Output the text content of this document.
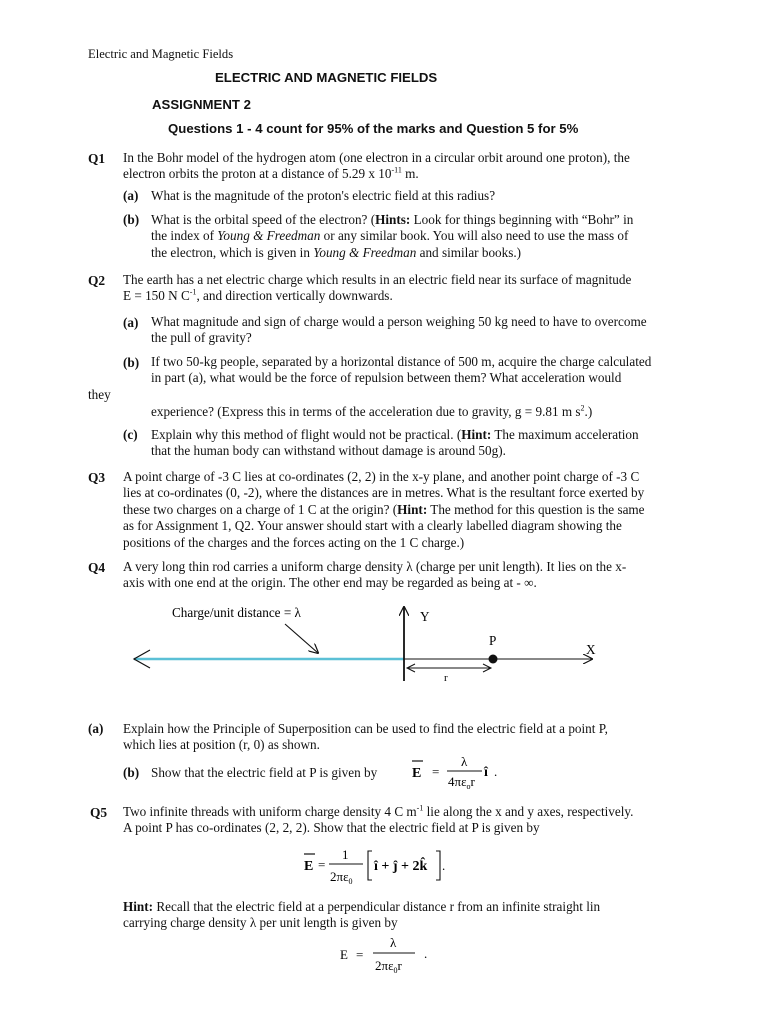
Electric and Magnetic Fields
ELECTRIC AND MAGNETIC FIELDS
ASSIGNMENT 2
Questions 1 - 4 count for 95% of the marks and Question 5 for 5%
Q1 In the Bohr model of the hydrogen atom (one electron in a circular orbit around one proton), the
electron orbits the proton at a distance of 5.29 x $10^{-11}$ m.
(a) What is the magnitude of the proton's electric field at this radius?
(b) What is the orbital speed of the electron? (Hints: Look for things beginning with “Bohr” in
the index of Young & Freedman or any similar book. You will also need to use the mass of
the electron, which is given in Young & Freedman and similar books.)
Q2 The earth has a net electric charge which results in an electric field near its surface of magnitude
E = 150 N $C^{-1}$, and direction vertically downwards.
(a) What magnitude and sign of charge would a person weighing 50 kg need to have to overcome
the pull of gravity?
(b) If two 50-kg people, separated by a horizontal distance of 500 m, acquire the charge calculated
in part (a), what would be the force of repulsion between them? What acceleration would
they
experience? (Express this in terms of the acceleration due to gravity, g = 9.81 m $s^2$.)
(c) Explain why this method of flight would not be practical. (Hint: The maximum acceleration
that the human body can withstand without damage is around 50g).
Q3 A point charge of -3 C lies at co-ordinates (2, 2) in the x-y plane, and another point charge of -3 C
lies at co-ordinates (0, -2), where the distances are in metres. What is the resultant force exerted by
these two charges on a charge of 1 C at the origin? (Hint: The method for this question is the same
as for Assignment 1, Q2. Your answer should start with a clearly labelled diagram showing the
positions of the charges and the forces acting on the 1 C charge.)
Q4 A very long thin rod carries a uniform charge density λ (charge per unit length). It lies on the x-
axis with one end at the origin. The other end may be regarded as being at - ∞.
Charge/unit distance = λ
X
Y
P
r
(a) Explain how the Principle of Superposition can be used to find the electric field at a point P,
which lies at position (r, 0) as shown.
(b) Show that the electric field at P is given by E =
λ
$4\pi\varepsilon_or$
î .
Q5 Two infinite threads with uniform charge density 4 C $m^{-1}$ lie along the x and y axes, respectively.
A point P has co-ordinates (2, 2, 2). Show that the electric field at P is given by
E =
1
$2\pi\varepsilon_0$
î + ĵ + 2k̂ .
Hint: Recall that the electric field at a perpendicular distance r from an infinite straight lin
carrying charge density λ per unit length is given by
E =
λ
$2\pi\varepsilon_0r$
.
